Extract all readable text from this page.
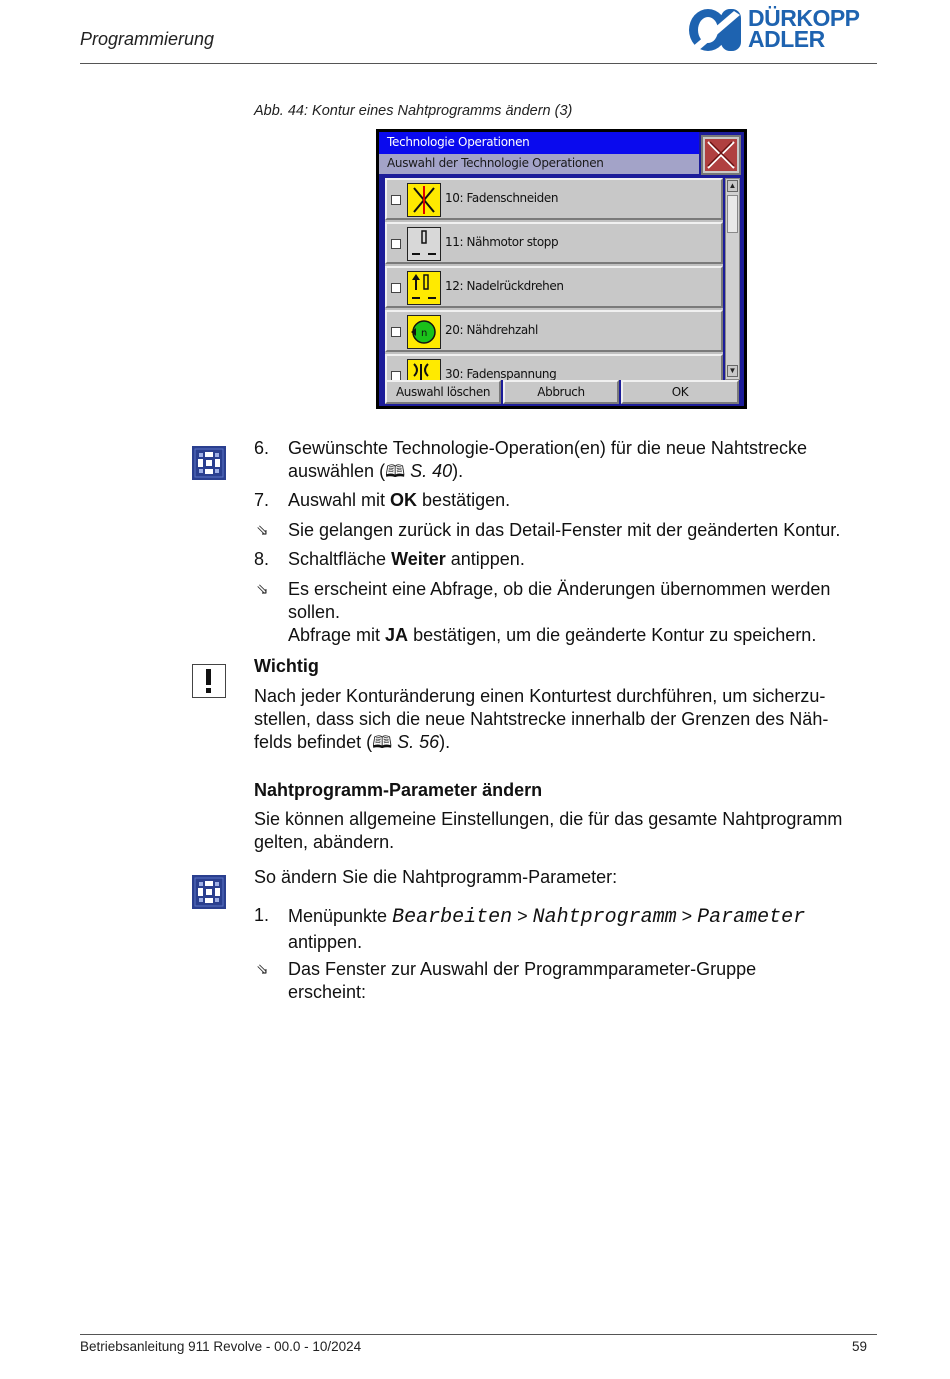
Programmierung
DÜRKOPP
ADLER
Abb. 44: Kontur eines Nahtprogramms ändern (3)
Technologie Operationen
Auswahl der Technologie Operationen
10: Fadenschneiden
11: Nähmotor stopp
12: Nadelrückdrehen
n 20: Nähdrehzahl
30: Fadenspannung
▲
▼
Auswahl löschen	Abbruch	OK
6. Gewünschte Technologie-Operation(en) für die neue Nahtstrecke
auswählen (🕮 S. 40).
7. Auswahl mit OK bestätigen.
⇘ Sie gelangen zurück in das Detail-Fenster mit der geänderten Kontur.
8. Schaltfläche Weiter antippen.
⇘ Es erscheint eine Abfrage, ob die Änderungen übernommen werden
sollen.
Abfrage mit JA bestätigen, um die geänderte Kontur zu speichern.
Wichtig
Nach jeder Konturänderung einen Konturtest durchführen, um sicherzu-
stellen, dass sich die neue Nahtstrecke innerhalb der Grenzen des Näh-
felds befindet (🕮 S. 56).
Nahtprogramm-Parameter ändern
Sie können allgemeine Einstellungen, die für das gesamte Nahtprogramm
gelten, abändern.
So ändern Sie die Nahtprogramm-Parameter:
1. Menüpunkte Bearbeiten > Nahtprogramm > Parameter
antippen.
⇘ Das Fenster zur Auswahl der Programmparameter-Gruppe
erscheint:
Betriebsanleitung 911 Revolve - 00.0 - 10/2024	59
